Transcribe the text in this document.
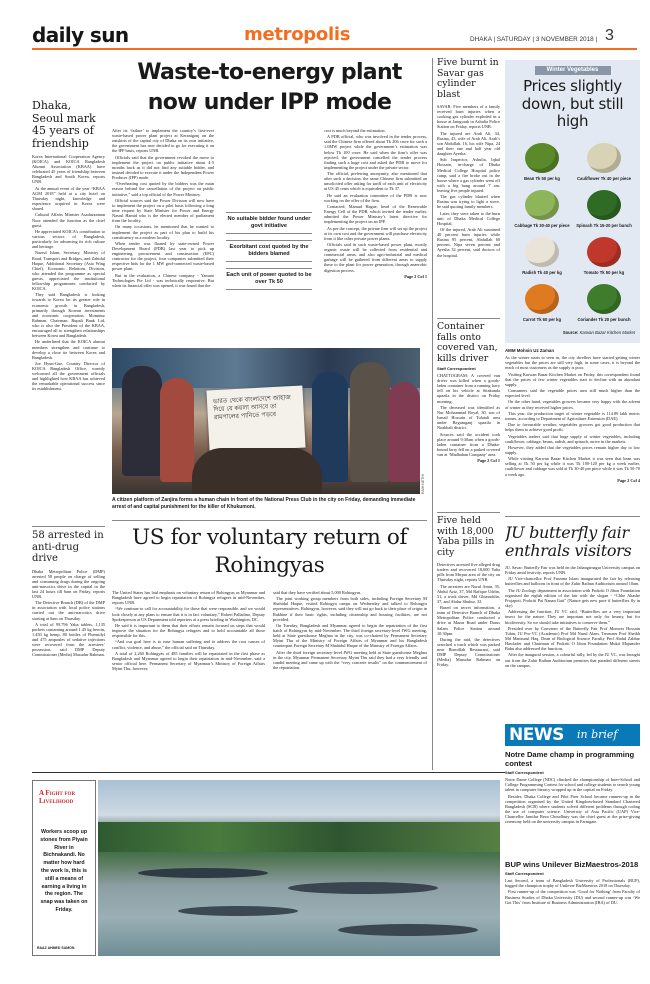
daily sun	metropolis	DHAKA | SATURDAY | 3 NOVEMBER 2018 | 3
Dhaka, Seoul mark 45 years of friendship

Korea International Cooperation Agency (KOICA) and KOICA Bangladesh Alumni Association (KBAA) have celebrated 45 years of friendship between Bangladesh and South Korea, reports UNB.

At the annual event of the year “KBAA AGM 2018” held at a city hotel on Thursday night, knowledge and experience acquired in Korea were shared.

Cultural Affairs Minister Asaduzzaman Noor attended the function as the chief guest.

He appreciated KOICA’s contribution to various sectors of Bangladesh, particularly for advancing its rich culture and heritage.

Nazrul Islam, Secretary, Ministry of Road, Transport and Bridges, and Zahidul Haque, Additional Secretary (Asia Wing Chief), Economic Relations Division, who attended the programme as special guests, appreciated the institutional fellowship programmes conducted by KOICA.

They said Bangladesh is looking towards to Korea for its greater role in economic growth in Bangladesh, primarily through Korean investments and economic cooperation. Mominur Rahman, Chairman, Rupali Bank Ltd, who is also the President of the KBAA, encouraged all to strengthen relationships between Korea and Bangladesh.

He underlined that the KOICA alumni members strengthen and continue to develop a close tie between Korea and Bangladesh.

Joe Hyun-Gue, Country Director of KOICA Bangladesh Office, warmly welcomed all the government officials and highlighted how KBAA has achieved the remarkable operational success since its establishment.

58 arrested in anti-drug drive

Dhaka Metropolitan Police (DMP) arrested 58 people on charge of selling and consuming drugs during the ongoing anti-narcotics drive in the capital in the last 24 hours till 6am on Friday, reports UNB.

The Detective Branch (DB) of the DMP in association with local police stations carried out the anti-narcotics drive starting at 6am on Thursday.

A total of 99,796 Yaba tablets, 1,135 packets containing around 1.45 kg heroin, 1.450 kg hemp, 80 bottles of Phensidyl and 475 ampoules of sedative injections were recovered from the arrestees’ possession, said DMP Deputy Commissioner (Media) Masudur Rahman.

Waste-to-energy plant now under IPP mode

After its ‘failure’ to implement the country’s first-ever waste-based power plant project at Keraniganj on the outskirts of the capital city of Dhaka on its own initiative, the government has now decided to go for executing it on the IPP basis, reports UNB.

Officials said that the government revoked the move to implement the project on public initiative about 4-5 months back as it did not find any suitable bidder, and instead decided to execute it under the Independent Power Producer (IPP) mode.

“Overheating cost quoted by the bidders was the main reason behind the cancellation of the project on public initiative,” said a top official of the Power Ministry.

Official sources said the Power Division will now have to implement the project on a pilot basis following a long time request by State Minister for Power and Energy Nasrul Hamid who is the elected member of parliament from the locality.

On many occasions, he mentioned that he wanted to implement the project as part of his plan to build his constituency as a modern locality.

When tender was floated by state-owned Power Development Board (PDB) last year to pick up engineering, procurement and construction (EPC) contractor for the project, four companies submitted their respective bids for the 1 MW grid-connected waste-based power plant.

But in the evaluation, a Chinese company - Yamato Technologies Pte Ltd - was technically responsive. But when its financial offer was opened, it was found that the

No suitable bidder found under govt initiative
Exorbitant cost quoted by the bidders blamed
Each unit of power quoted to be over Tk 50

cost is much beyond the estimation.

A PDB official, who was involved in the tender process, said the Chinese firm offered about Tk 206 crore for such a 1.0MW project while the government’s estimation was below Tk 100 crore. He said when the firm’s offer was rejected, the government cancelled the tender process finding such a huge cost and asked the PDB to move for implementing the project under the private sector.

The official, preferring anonymity, also mentioned that after such a decision, the same Chinese firm submitted an unsolicited offer asking for tariff of each unit of electricity at US 45 cents which is equivalent to Tk 37.

He said an evaluation committee of the PDB is now working on the offer of the firm.

Contacted, Mamud Hague, head of the Renewable Energy Cell of the PDB, which invited the tender earlier, admitted the Power Ministry’s latest directive for implementing the project on an IPP.

As per the concept, the private firm will set up the project at its own cost and the government will purchase electricity from it like other private power plants.

Officials said in such waste-based power plant, mostly organic waste will be collected from residential and commercial areas, and also agro-industrial and medical garbage will be gathered from different areas to supply these to the plant for power generation, through anaerobic digestion process.

Page 2 Col 1
ভারত থেকে বাংলাদেশে জাহাজ দিয়ে যে কয়লা আসবে তা রামপালের পানিতে পড়বে
RAIH NETHI
A citizen platform of Zanjira forms a human chain in front of the National Press Club in the city on Friday, demanding immediate arrest of and capital punishment for the killer of Khukumoni.
US for voluntary return of Rohingyas

The United States has laid emphasis on voluntary return of Rohingyas as Myanmar and Bangladesh have agreed to begin repatriation of Rohingya refugees in mid-November, reports UNB.

“We continue to call for accountability for those that were responsible, and we would look closely at any plans to ensure that it is in fact voluntary,” Robert Palladino, Deputy Spokesperson at US Department told reporters at a press briefing in Washington, DC.

He said it is important to them that their efforts remain focused on steps that would improve the situation for the Rohingya refugees and to hold accountable all those responsible for this.

“And our goal here is to ease human suffering and to address the root causes of conflict, violence, and abuse,” the official said on Thursday.

A total of 2,260 Rohingyas of 485 families will be repatriated in the first phase as Bangladesh and Myanmar agreed to begin their repatriation in mid-November, said a senior official here. Permanent Secretary of Myanmar’s Ministry of Foreign Affairs Myint Thu, however,

said that they have verified about 5,000 Rohingyas.

The joint working group members from both sides, including Foreign Secretary M Shahidul Haque, visited Rohingya camps on Wednesday and talked to Rohingya representatives. Rohingyas, however, said they will not go back to their place of origin in Rakhine if their basic rights, including citizenship and housing facilities, are not provided.

On Tuesday, Bangladesh and Myanmar agreed to begin the repatriation of the first batch of Rohingyas by mid-November. The third foreign secretary-level JWG meeting, held at State guesthouse Meghna in the city, was co-chaired by Permanent Secretary Myint Thu of the Ministry of Foreign Affairs of Myanmar and his Bangladesh counterpart Foreign Secretary M Shahidul Haque of the Ministry of Foreign Affairs.

After the third foreign secretary-level JWG meeting held at State guesthouse Meghna in the city, Myanmar Permanent Secretary Myint Thu said they had a very friendly and candid meeting and came up with the “very concrete results” on the commencement of the repatriation.

Five burnt in Savar gas cylinder blast

SAVAR: Five members of a family received burn injuries when a cooking gas cylinder exploded in a house at Jamgorah in Ashulia Police Station on Friday, reports UNB.

The injured are Arab Ali, 34, Rasina, 45, wife of Arab Ali, Arab’s son Abdullah, 16, his wife Nipa, 24 and their one and half year old daughter Ayesha.

Sub Inspector, Ashulia, Iqbal Hossain, in-charge of Dhaka Medical College Hospital police camp, said a fire broke out in the house where a gas cylinder went off with a big bang around 7 am, leaving five people injured.

The gas cylinder blasted when Rasina was trying to light a stove, he said quoting family members.

Later, they were taken to the burn unit of Dhaka Medical College Hospital.

Of the injured, Arab Ali sustained 40 percent burn injuries while Rasina 95 percent, Abdullah 60 percent, Nipa seven percent and Ayesha 32 percent, said doctors of the hospital.

Container falls onto covered van, kills driver
Staff Correspondent

CHATTOGRAM: A covered van driver was killed when a goods-laden container from a running lorry fell on his vehicle at Sitakunda upazila in the district on Friday morning.

The deceased was identified as Nur Mohammad Royal, 30, son of Ismail Hossain of Tulatali area under Begumganj upazila in Noakhali district.

Sources said the accident took place around 9:30am when a goods-laden container from a Dhaka-bound lorry fell on a parked covered van at ‘Madhaban Company’ area.

Page 2 Col 1
Five held with 18,000 Yaba pills in city

Detectives arrested five alleged drug traders and recovered 18,000 Yaba pills from Mirpur area of the city on Thursday night, reports UNB.

The arrestees are Nurul Amin, 35, Abdul Aziz, 37, Md Rafique Uddin, 51, a truck driver, Md Ghiasuddin, 37, and Abdur Shukur, 32.

Based on secret information, a team of Detective Branch of Dhaka Metropolitan Police conducted a drive at Mazar Road under Darus Salam Police Station around 10:30pm.

During the raid, the detectives searched a truck which was parked near Bismillah Restaurant, said DMP Deputy Commissioner (Media) Masudur Rahman on Friday.

Winter Vegetables
Prices slightly down, but still high
Bean Tk 50 per kg	Cauliflower Tk 40 per piece
Cabbage Tk 30-40 per piece	Spinach Tk 15-20 per bunch
Radish Tk 40 per kg	Tomato Tk 50 per kg
Carrot Tk 60 per kg	Coriander Tk 20 per bunch
Source: Karwan Bazar Kitchen Market
AMM Mohsin Uz Zaman

As the winter starts to seen in, the city dwellers have started getting winter vegetables but the prices are still very high, in some cases, it is beyond the reach of most customers as the supply is poor.

Visiting Karwan Bazar Kitchen Market on Friday, this correspondent found that the prices of few winter vegetables start to decline with an abundant supply.

Consumers said the vegetable prices area still much higher than the expected level.

On the other hand, vegetables growers became very happy with the advent of winter as they received higher prices.

This year, the production target of winter vegetable is 114.89 lakh metric tonnes, according to Department of Agriculture Extension (DAE).

Due to favourable weather, vegetables growers got good production that helps them to achieve good profit.

Vegetables traders said that huge supply of winter vegetables, including cauliflower, cabbage, beans, radish, and spinach, arrive in the markets.

However, they added that the vegetables prices remain higher day to low supply.

While visiting Karwan Bazar Kitchen Market it was seen that bean was selling at Tk 50 per kg while it was Tk 100-120 per kg a week earlier, cauliflower and cabbage was sold at Tk 30-40 per piece while it was Tk 50-70 a week ago.

Page 2 Col 4
JU butterfly fair enthrals visitors

JU, Savar: Butterfly Fair was held on the Jahangirnagar University campus on Friday amid festivity, reports UNB.

JU Vice-chancellor Prof Farzana Islam inaugurated the fair by releasing butterflies and balloons in front of the Zahir Raihan Auditorium around 10am.

The JU Zoology department in association with Prokriti O Jibon Foundation organised the eighth edition of the fair with the slogan - “Chhe Akashe Projapoti, Prokriti Pai Nanan Gati” (Nature gets new pace if butterflies fly in sky).

Addressing the function, JU VC said, “Butterflies are a very important insect for the nature. They are important not only for beauty, but for biodiversity. So we should take initiatives to conserve them.”

Presided over by Convener of the Butterfly Fair Prof Monwar Hossain Tuhin, JU Pro-VC (Academic) Prof Md Nurul Alam, Treasurer Prof Sheikh Md Manzurul Haq, Dean of Biological Science Faculty Prof Abdul Zabbar Hawlader and Chairman of Prokriti O Jibon Foundation Mukit Majumder Babu also addressed the function.

After the inaugural session, a colourful rally, led by the JU VC, was brought out from the Zahir Raihan Auditorium premises that paraded different streets on the campus.

A Fight for Livelihood
Workers scoop up stones from Piyain River in Bichnakandi. No matter how hard the work is, this is still a means of earning a living in the region. The snap was taken on Friday.
RAAZ AHMED SUMON
NEWS in brief
Notre Dame champ in programming contest
Staff Correspondent

Notre Dame College (NDC) clinched the championship of Inter-School and College Programming Contest for school and college students to search young talent in computer literacy wrapped up in the capital on Friday.

Besides, Dhaka College and Pilot Pirer School became runners-up in the competition organised by the United Kingdom-based Standard Chartered Bangladesh (SCB) where students solved different problems through coding the use of computer science. University of Asia Pacific (UAP) Vice-Chancellor Jamilur Reza Choudhury was the chief guest at the prize-giving ceremony held on the university campus in Farmgate.

BUP wins Unilever BizMaestros-2018
Staff Correspondent

Last Second, a team of Bangladesh University of Professionals (BUP), bagged the champion trophy of Unilever BizMaestros 2018 on Thursday.

First runner-up of the competition was ‘Good for Nothing’ from Faculty of Business Studies of Dhaka University (DU) and second runner-up was ‘We Got This’ from Institute of Business Administration (IBA) of DU.
